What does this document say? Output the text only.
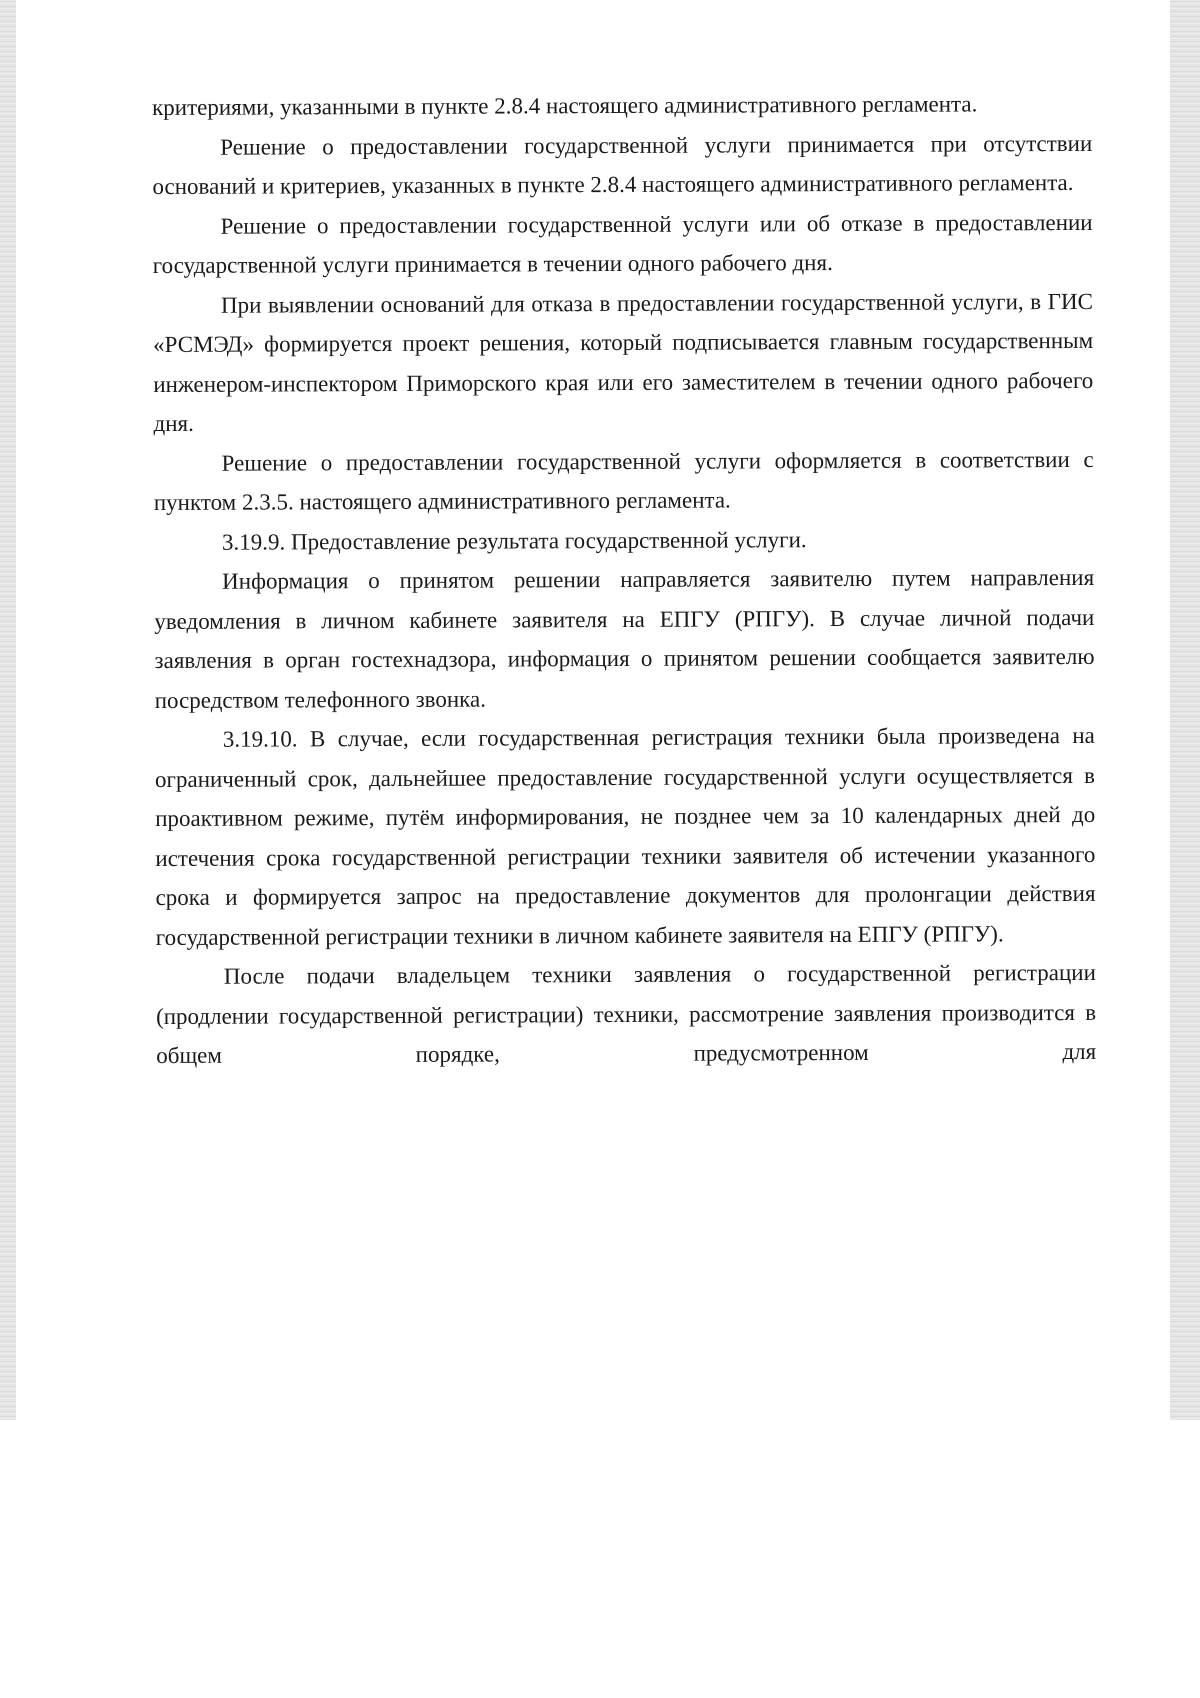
критериями, указанными в пункте 2.8.4 настоящего административного регламента.

Решение о предоставлении государственной услуги принимается при отсутствии оснований и критериев, указанных в пункте 2.8.4 настоящего административного регламента.

Решение о предоставлении государственной услуги или об отказе в предоставлении государственной услуги принимается в течении одного рабочего дня.

При выявлении оснований для отказа в предоставлении государственной услуги, в ГИС «РСМЭД» формируется проект решения, который подписывается главным государственным инженером-инспектором Приморского края или его заместителем в течении одного рабочего дня.

Решение о предоставлении государственной услуги оформляется в соответствии с пунктом 2.3.5. настоящего административного регламента.

3.19.9. Предоставление результата государственной услуги.

Информация о принятом решении направляется заявителю путем направления уведомления в личном кабинете заявителя на ЕПГУ (РПГУ). В случае личной подачи заявления в орган гостехнадзора, информация о принятом решении сообщается заявителю посредством телефонного звонка.

3.19.10. В случае, если государственная регистрация техники была произведена на ограниченный срок, дальнейшее предоставление государственной услуги осуществляется в проактивном режиме, путём информирования, не позднее чем за 10 календарных дней до истечения срока государственной регистрации техники заявителя об истечении указанного срока и формируется запрос на предоставление документов для пролонгации действия государственной регистрации техники в личном кабинете заявителя на ЕПГУ (РПГУ).

После подачи владельцем техники заявления о государственной регистрации (продлении государственной регистрации) техники, рассмотрение заявления производится в общем порядке, предусмотренном для
